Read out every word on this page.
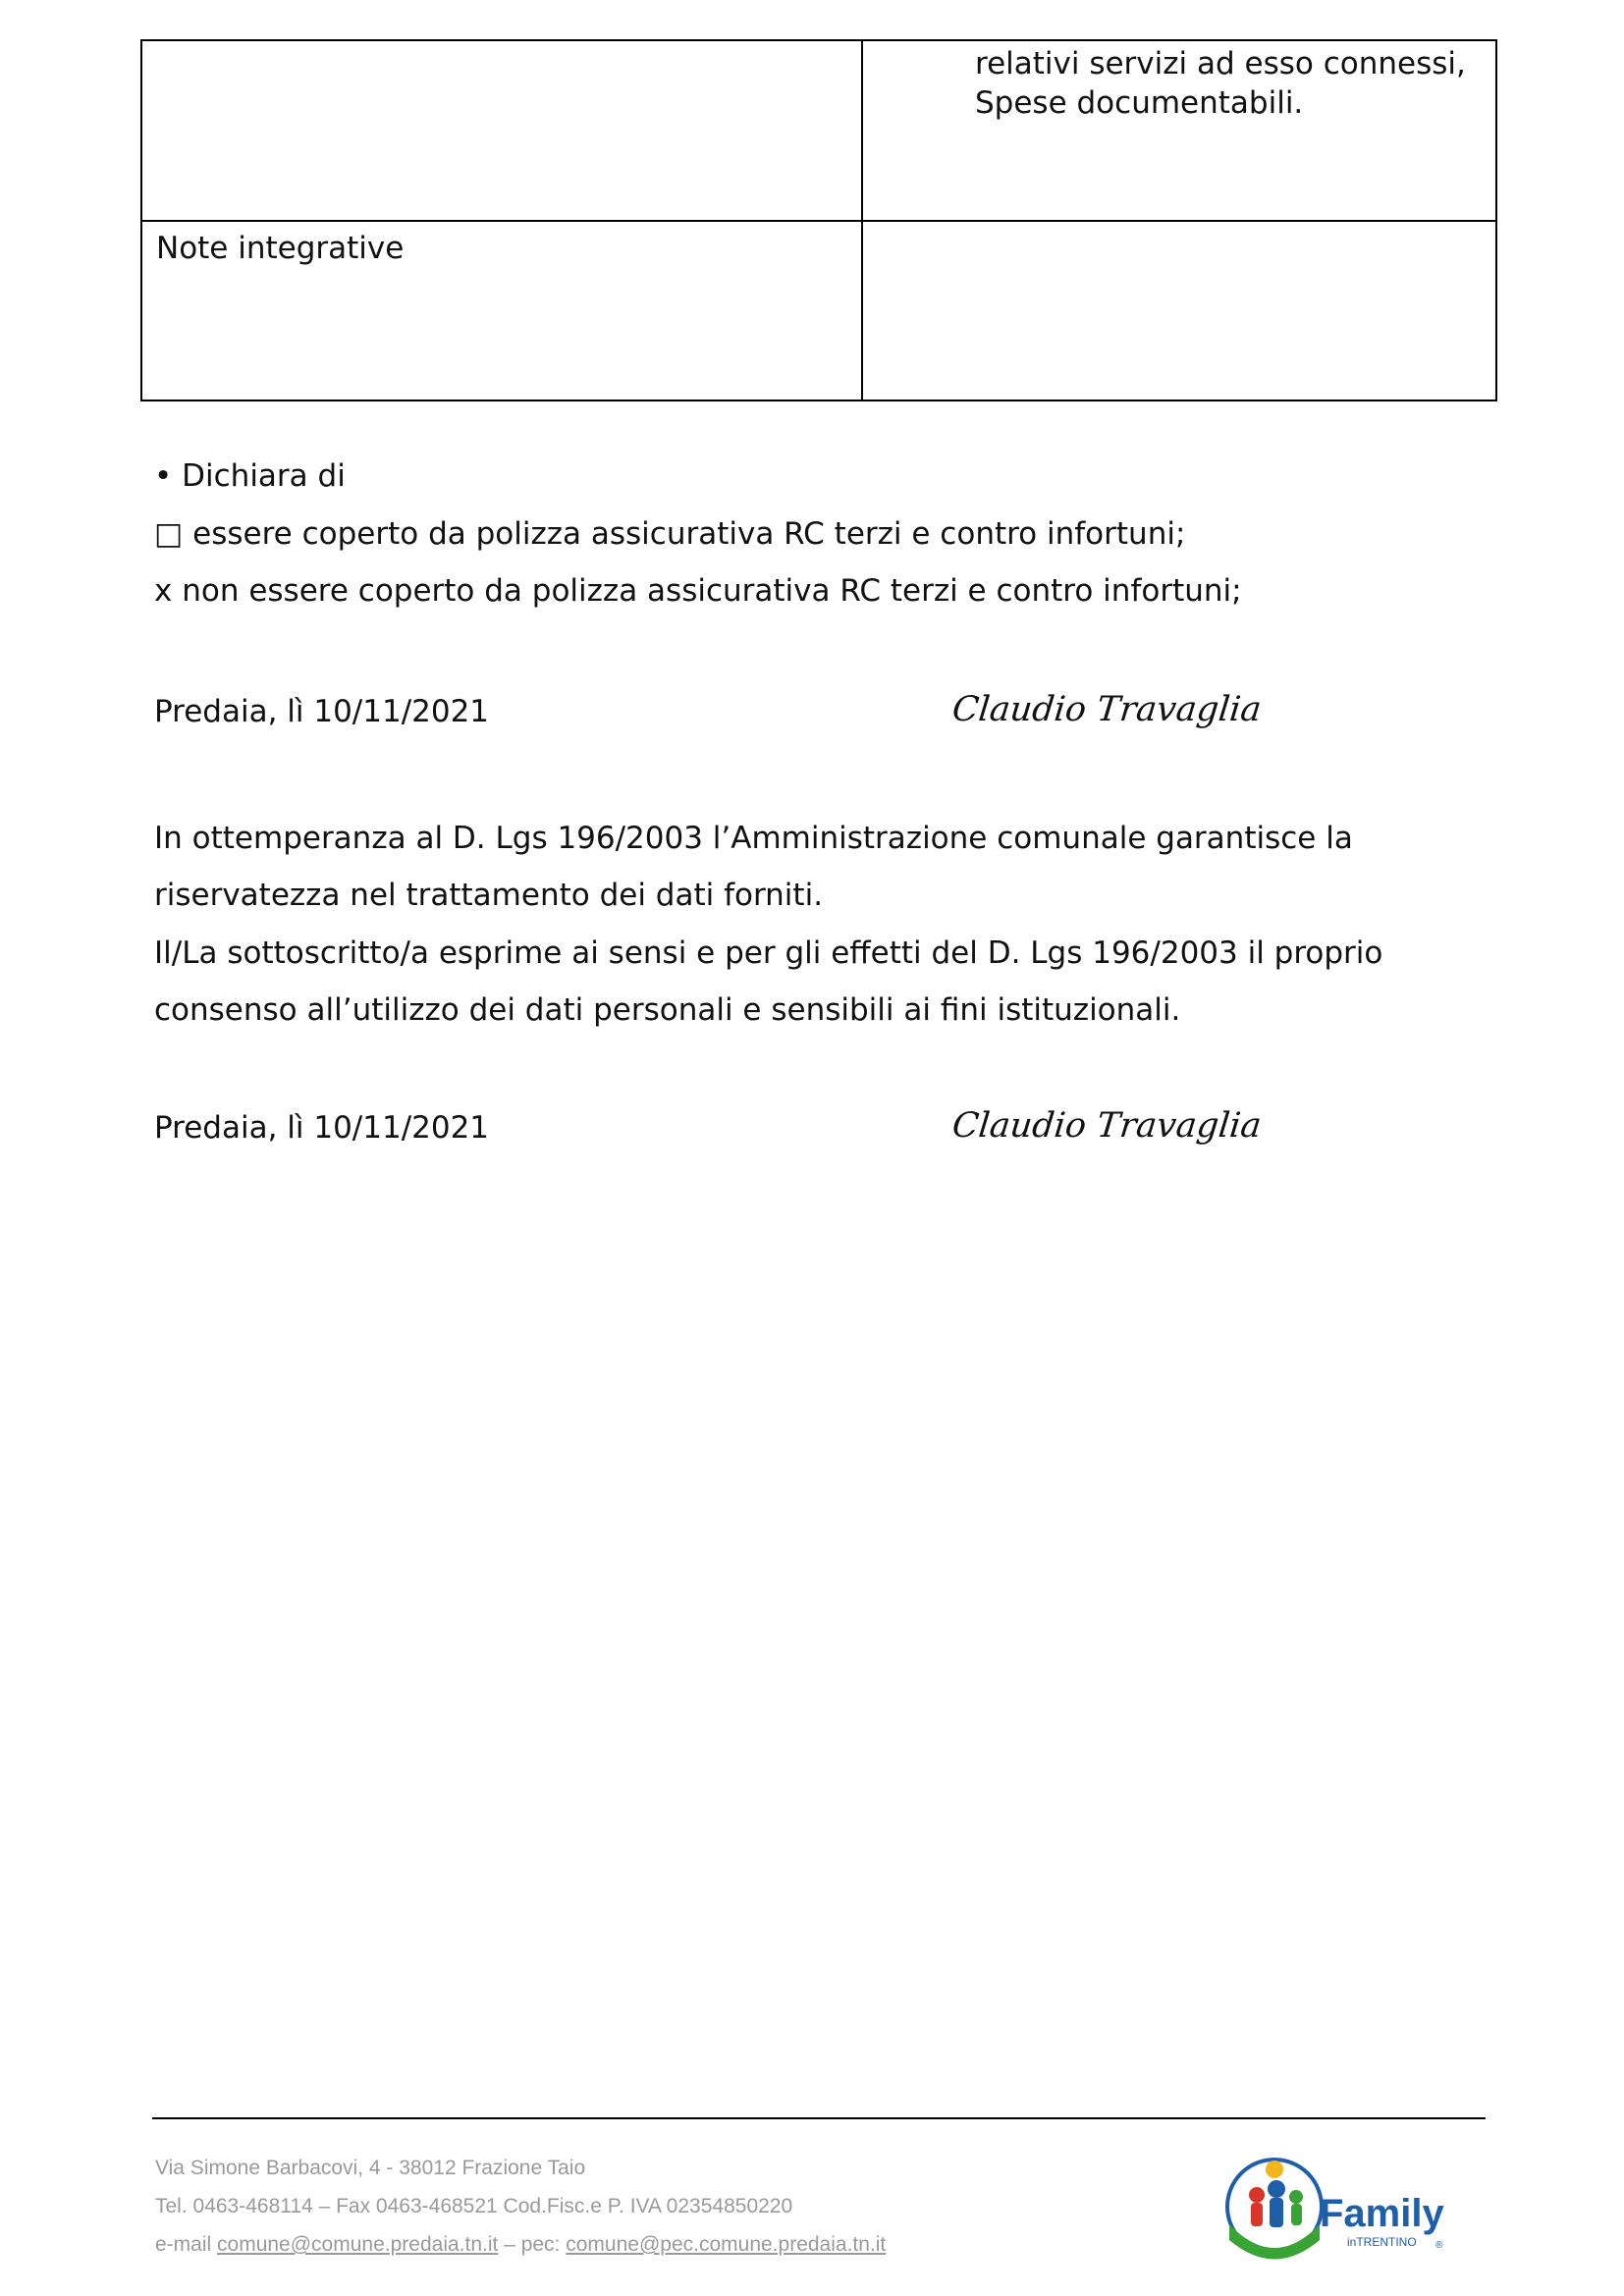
	relativi servizi ad esso connessi,
Spese documentabili.

Note integrative	

• Dichiara di
□ essere coperto da polizza assicurativa RC terzi e contro infortuni;
x non essere coperto da polizza assicurativa RC terzi e contro infortuni;
Predaia, lì 10/11/2021	Claudio Travaglia
In ottemperanza al D. Lgs 196/2003 l’Amministrazione comunale garantisce la
riservatezza nel trattamento dei dati forniti.
Il/La sottoscritto/a esprime ai sensi e per gli effetti del D. Lgs 196/2003 il proprio
consenso all’utilizzo dei dati personali e sensibili ai fini istituzionali.
Predaia, lì 10/11/2021	Claudio Travaglia
Via Simone Barbacovi, 4 - 38012 Frazione Taio
Tel. 0463-468114 – Fax 0463-468521 Cod.Fisc.e P. IVA 02354850220
e-mail comune@comune.predaia.tn.it – pec: comune@pec.comune.predaia.tn.it
Family
inTRENTINO ®
